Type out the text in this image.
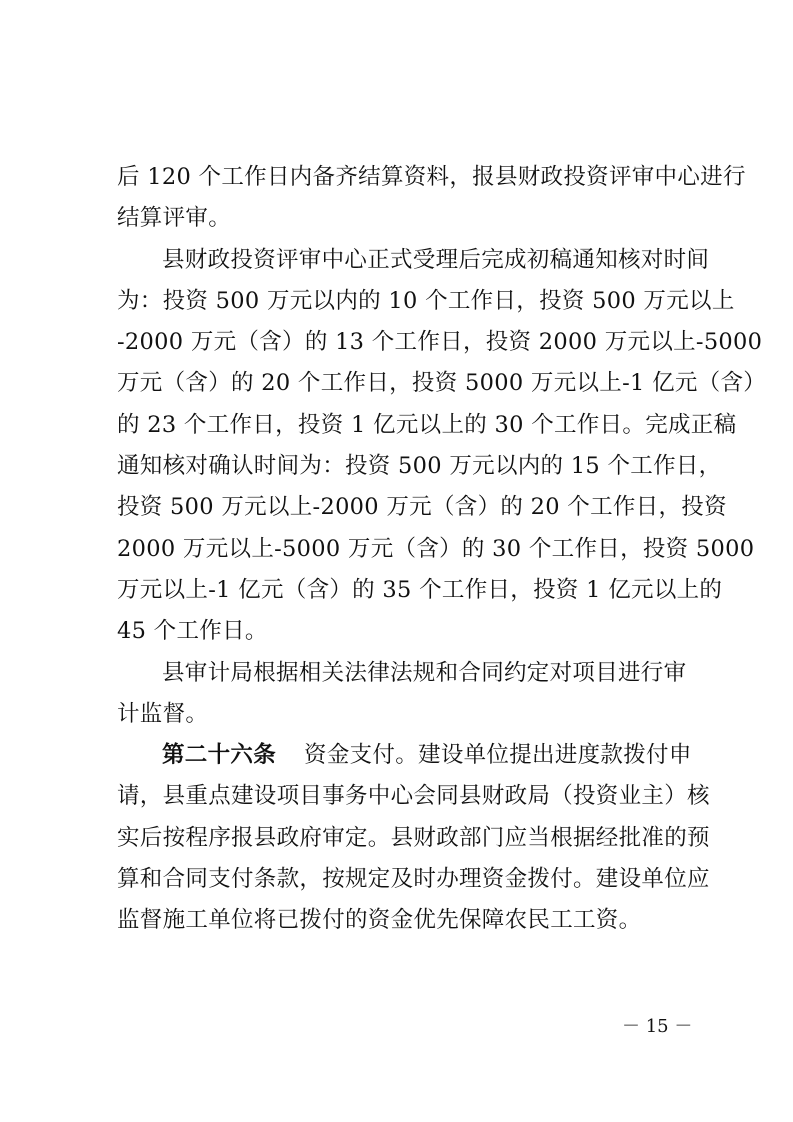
后 120 个工作日内备齐结算资料，报县财政投资评审中心进行
结算评审。
县财政投资评审中心正式受理后完成初稿通知核对时间
为：投资 500 万元以内的 10 个工作日，投资 500 万元以上
-2000 万元（含）的 13 个工作日，投资 2000 万元以上-5000
万元（含）的 20 个工作日，投资 5000 万元以上-1 亿元（含）
的 23 个工作日，投资 1 亿元以上的 30 个工作日。完成正稿
通知核对确认时间为：投资 500 万元以内的 15 个工作日，
投资 500 万元以上-2000 万元（含）的 20 个工作日，投资
2000 万元以上-5000 万元（含）的 30 个工作日，投资 5000
万元以上-1 亿元（含）的 35 个工作日，投资 1 亿元以上的
45 个工作日。
县审计局根据相关法律法规和合同约定对项目进行审
计监督。
第二十六条 资金支付。建设单位提出进度款拨付申
请，县重点建设项目事务中心会同县财政局（投资业主）核
实后按程序报县政府审定。县财政部门应当根据经批准的预
算和合同支付条款，按规定及时办理资金拨付。建设单位应
监督施工单位将已拨付的资金优先保障农民工工资。
－ 15 －
